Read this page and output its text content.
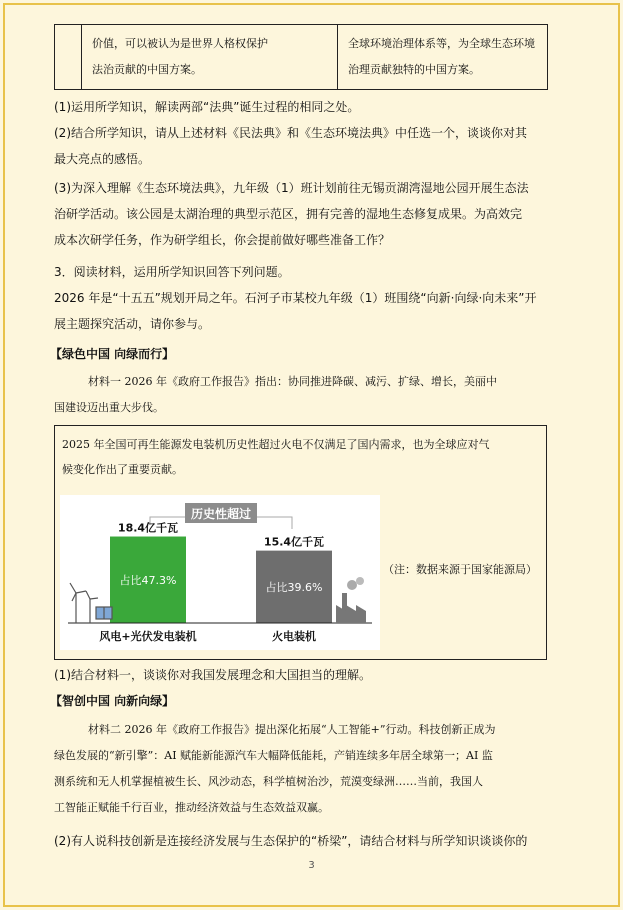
价值，可以被认为是世界人格权保护
法治贡献的中国方案。
全球环境治理体系等，为全球生态环境
治理贡献独特的中国方案。

(1)运用所学知识，解读两部“法典”诞生过程的相同之处。

(2)结合所学知识，请从上述材料《民法典》和《生态环境法典》中任选一个，谈谈你对其

最大亮点的感悟。

(3)为深入理解《生态环境法典》，九年级（1）班计划前往无锡贡湖湾湿地公园开展生态法

治研学活动。该公园是太湖治理的典型示范区，拥有完善的湿地生态修复成果。为高效完

成本次研学任务，作为研学组长，你会提前做好哪些准备工作？

3．阅读材料，运用所学知识回答下列问题。

2026 年是“十五五”规划开局之年。石河子市某校九年级（1）班围绕“向新·向绿·向未来”开

展主题探究活动，请你参与。

【绿色中国 向绿而行】

材料一 2026 年《政府工作报告》指出：协同推进降碳、减污、扩绿、增长，美丽中

国建设迈出重大步伐。

2025 年全国可再生能源发电装机历史性超过火电不仅满足了国内需求，也为全球应对气

候变化作出了重要贡献。

历史性超过
18.4亿千瓦
占比47.3%
风电+光伏发电装机
15.4亿千瓦
占比39.6%
火电装机

（注：数据来源于国家能源局）

(1)结合材料一，谈谈你对我国发展理念和大国担当的理解。

【智创中国 向新向绿】

材料二 2026 年《政府工作报告》提出深化拓展“人工智能+”行动。科技创新正成为

绿色发展的“新引擎”：AI 赋能新能源汽车大幅降低能耗，产销连续多年居全球第一；AI 监

测系统和无人机掌握植被生长、风沙动态，科学植树治沙，荒漠变绿洲……当前，我国人

工智能正赋能千行百业，推动经济效益与生态效益双赢。

(2)有人说科技创新是连接经济发展与生态保护的“桥梁”，请结合材料与所学知识谈谈你的

3
